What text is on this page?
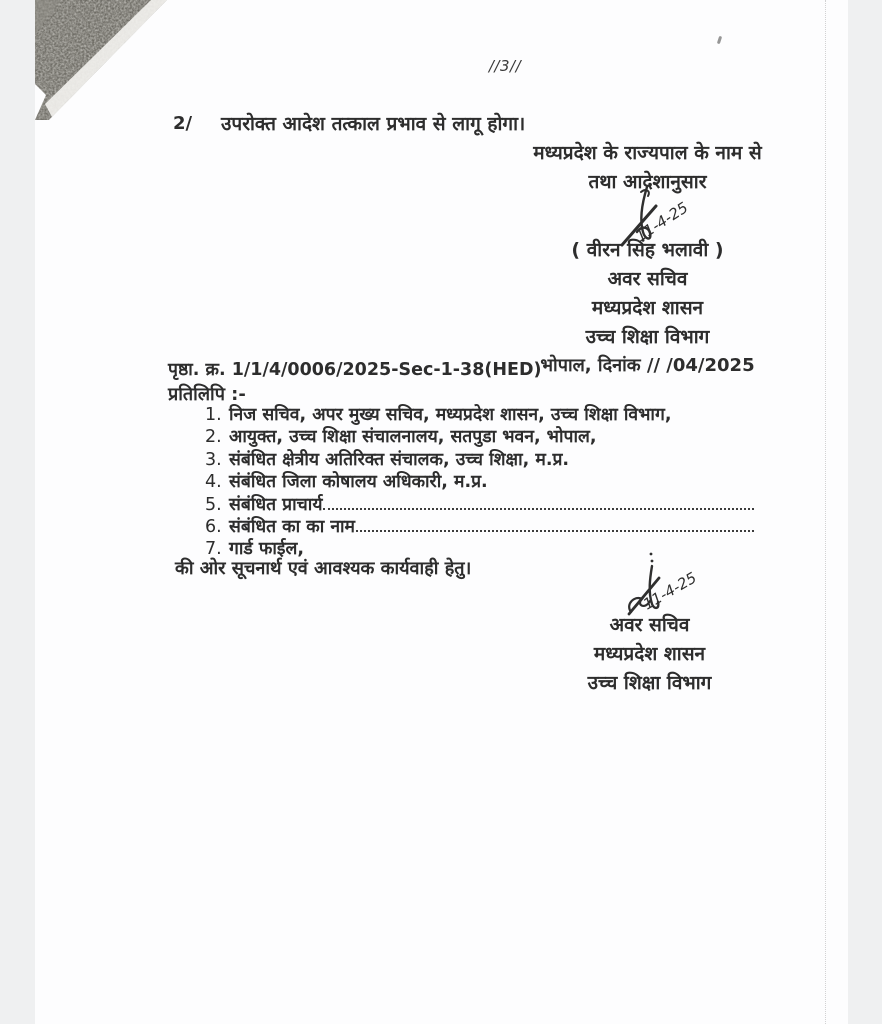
//3//
2/ उपरोक्त आदेश तत्काल प्रभाव से लागू होगा।
मध्यप्रदेश के राज्यपाल के नाम से
तथा आदेशानुसार
11-4-25
( वीरन सिंह भलावी )
अवर सचिव
मध्यप्रदेश शासन
उच्च शिक्षा विभाग
भोपाल, दिनांक // /04/2025
पृष्ठा. क्र. 1/1/4/0006/2025-Sec-1-38(HED)
प्रतिलिपि :-
1. निज सचिव, अपर मुख्य सचिव, मध्यप्रदेश शासन, उच्च शिक्षा विभाग,
2. आयुक्त, उच्च शिक्षा संचालनालय, सतपुडा भवन, भोपाल,
3. संबंधित क्षेत्रीय अतिरिक्त संचालक, उच्च शिक्षा, म.प्र.
4. संबंधित जिला कोषालय अधिकारी, म.प्र.
5. संबंधित प्राचार्य
6. संबंधित का का नाम
7. गार्ड फाईल,
की ओर सूचनार्थ एवं आवश्यक कार्यवाही हेतु।
11-4-25
अवर सचिव
मध्यप्रदेश शासन
उच्च शिक्षा विभाग
